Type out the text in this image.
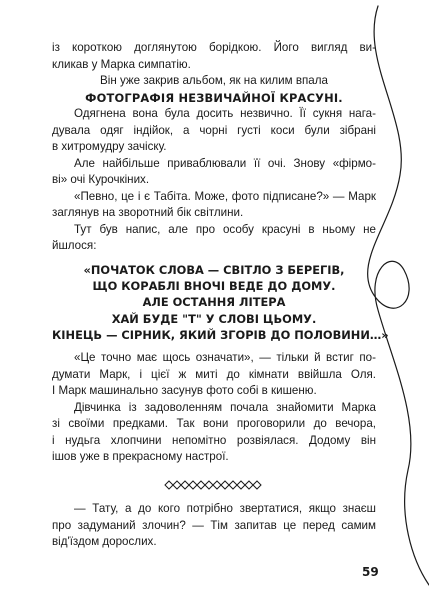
із короткою доглянутою борідкою. Його вигляд ви-

кликав у Марка симпатію.

Він уже закрив альбом, як на килим впала

ФОТОГРАФІЯ НЕЗВИЧАЙНОЇ КРАСУНІ.

Одягнена вона була досить незвично. Її сукня нага-

дувала одяг індійок, а чорні густі коси були зібрані

в хитромудру зачіску.

Але найбільше приваблювали її очі. Знову «фірмо-

ві» очі Курочкіних.

«Певно, це і є Табіта. Може, фото підписане?» — Марк

заглянув на зворотний бік світлини.

Тут був напис, але про особу красуні в ньому не

йшлося:

«ПОЧАТОК СЛОВА — СВІТЛО З БЕРЕГІВ,

ЩО КОРАБЛІ ВНОЧІ ВЕДЕ ДО ДОМУ.

АЛЕ ОСТАННЯ ЛІТЕРА

ХАЙ БУДЕ "Т" У СЛОВІ ЦЬОМУ.

КІНЕЦЬ — СІРНИК, ЯКИЙ ЗГОРІВ ДО ПОЛОВИНИ…»

«Це точно має щось означати», — тільки й встиг по-

думати Марк, і цієї ж миті до кімнати ввійшла Оля.

І Марк машинально засунув фото собі в кишеню.

Дівчинка із задоволенням почала знайомити Марка

зі своїми предками. Так вони проговорили до вечора,

і нудьга хлопчини непомітно розвіялася. Додому він

ішов уже в прекрасному настрої.

— Тату, а до кого потрібно звертатися, якщо знаєш

про задуманий злочин? — Тім запитав це перед самим

від'їздом дорослих.

59
